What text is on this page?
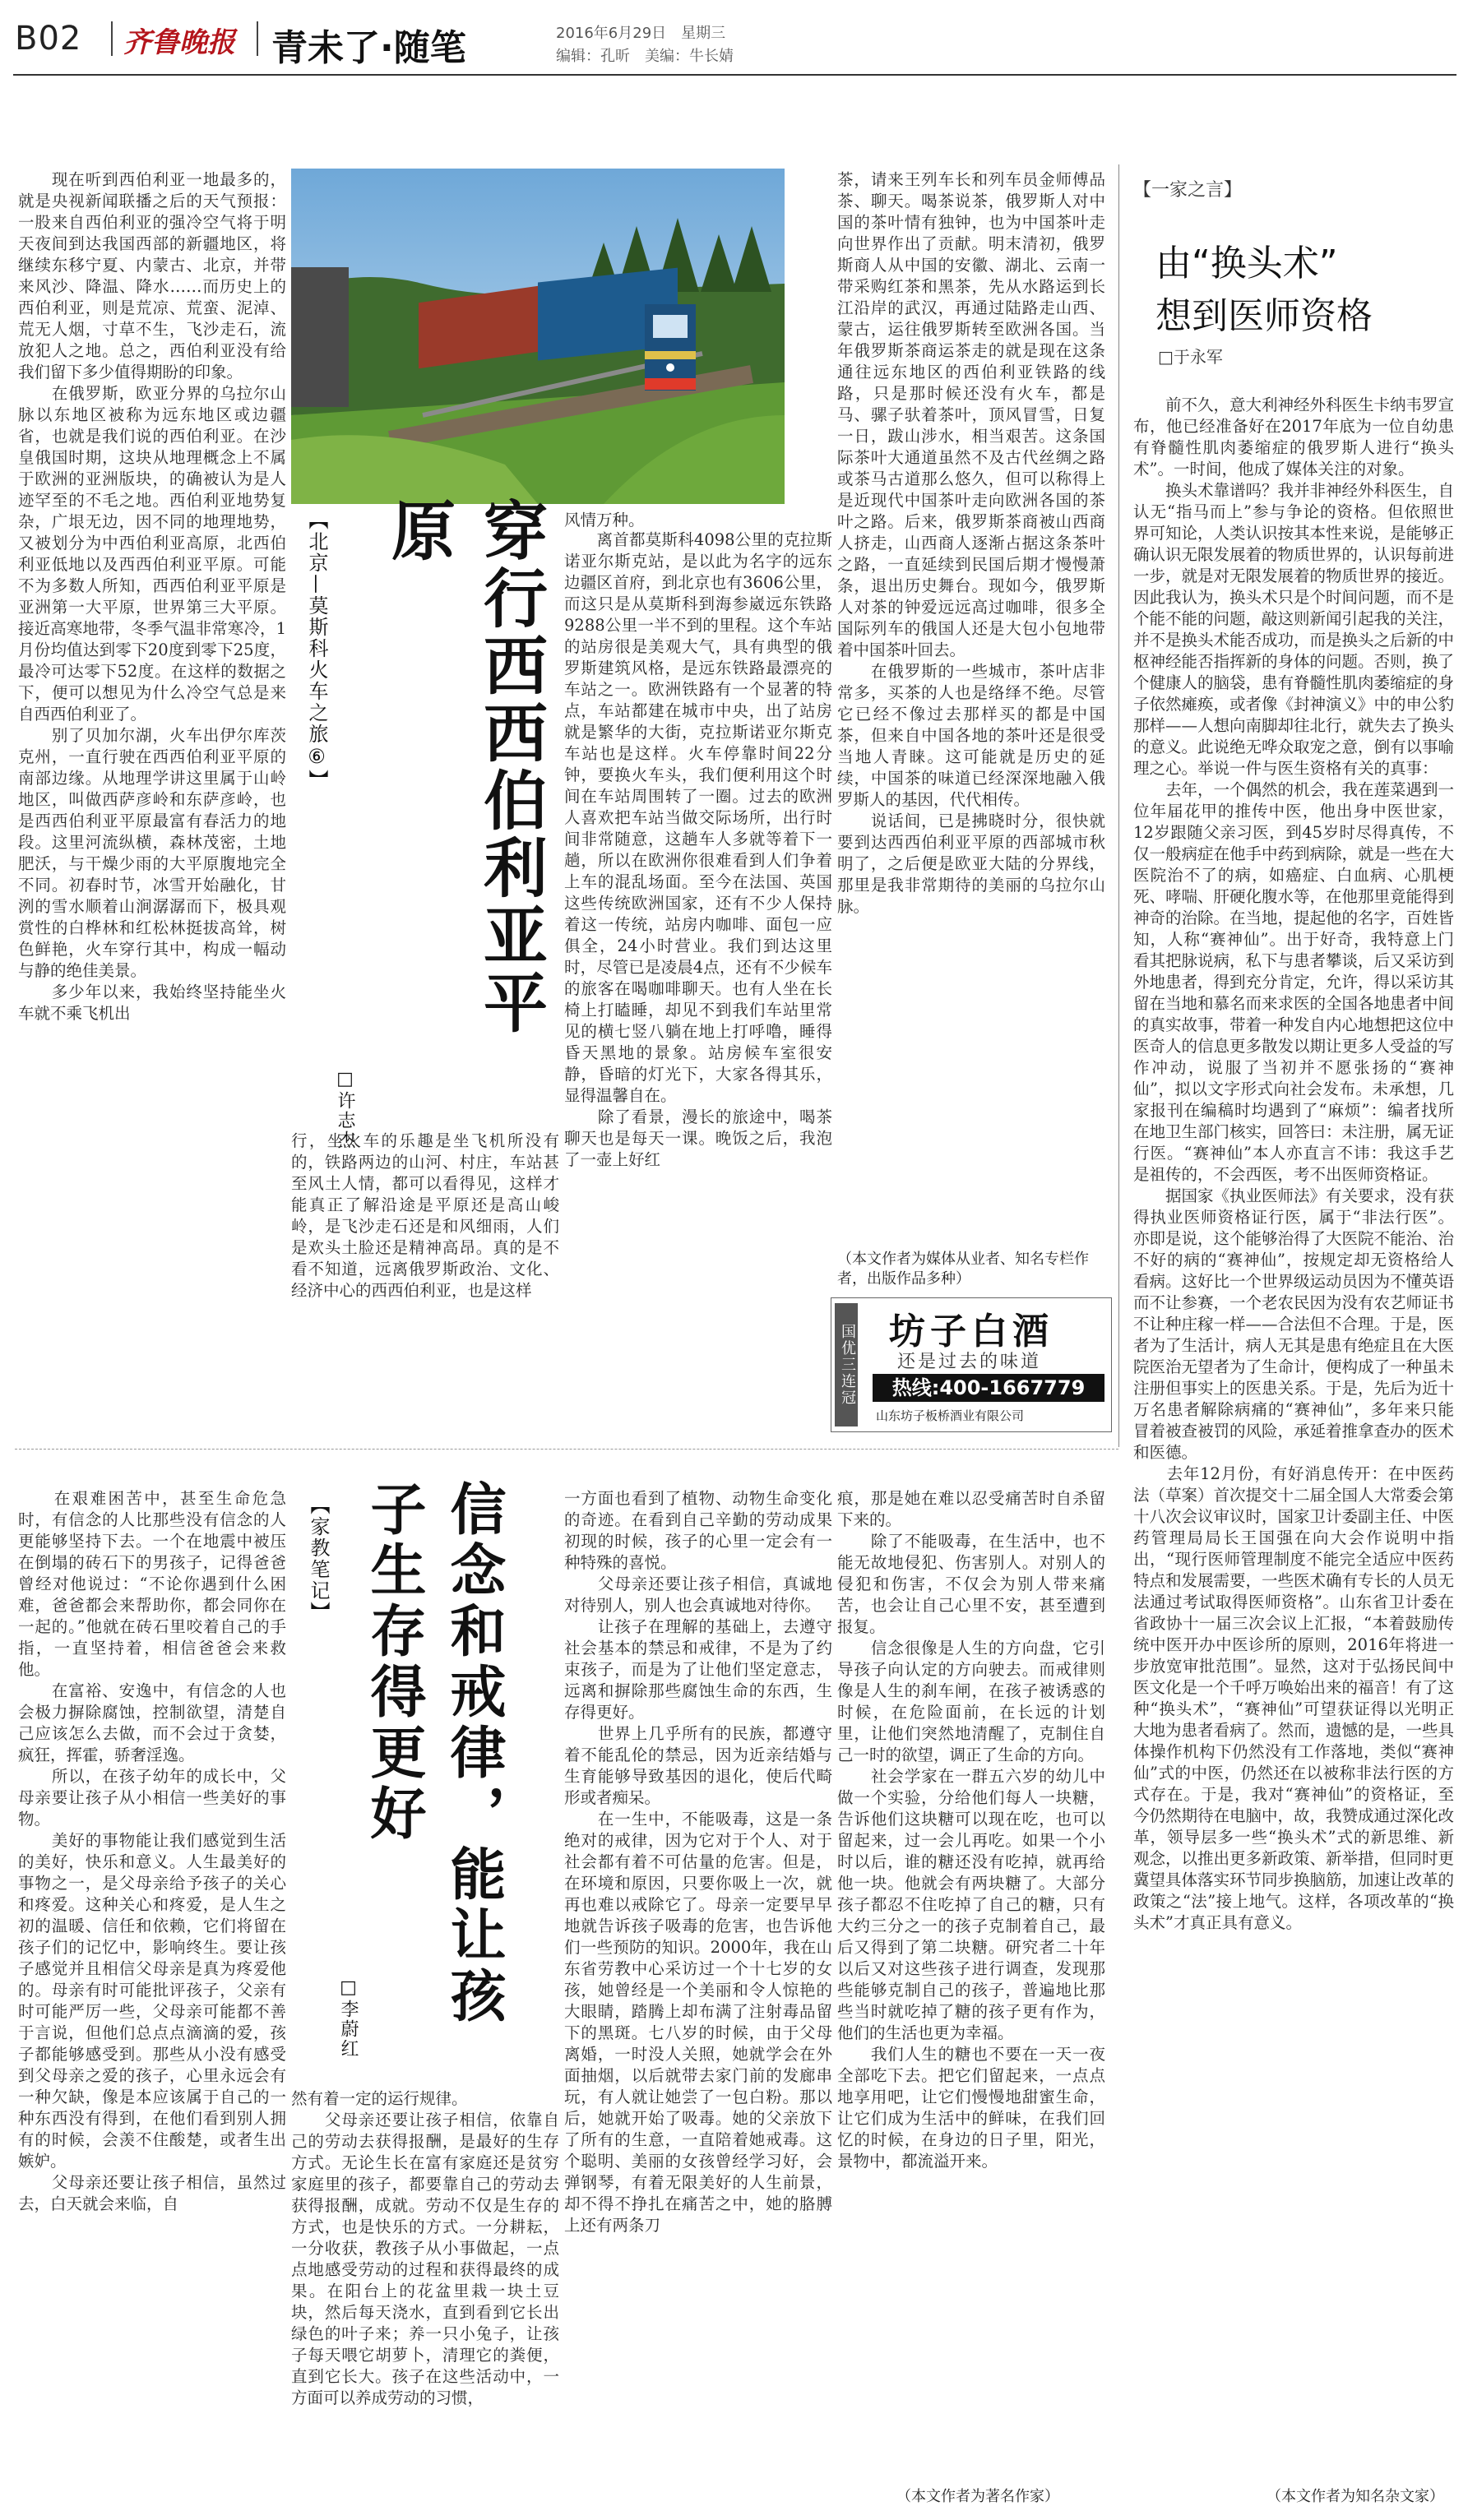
B02 齐鲁晚报 青未了·随笔	2016年6月29日　星期三
编辑：孔昕　美编：牛长婧
　　现在听到西伯利亚一地最多的，就是央视新闻联播之后的天气预报：一股来自西伯利亚的强冷空气将于明天夜间到达我国西部的新疆地区，将继续东移宁夏、内蒙古、北京，并带来风沙、降温、降水……而历史上的西伯利亚，则是荒凉、荒蛮、泥淖、荒无人烟，寸草不生，飞沙走石，流放犯人之地。总之，西伯利亚没有给我们留下多少值得期盼的印象。
　　在俄罗斯，欧亚分界的乌拉尔山脉以东地区被称为远东地区或边疆省，也就是我们说的西伯利亚。在沙皇俄国时期，这块从地理概念上不属于欧洲的亚洲版块，的确被认为是人迹罕至的不毛之地。西伯利亚地势复杂，广垠无边，因不同的地理地势，又被划分为中西伯利亚高原，北西伯利亚低地以及西西伯利亚平原。可能不为多数人所知，西西伯利亚平原是亚洲第一大平原，世界第三大平原。接近高寒地带，冬季气温非常寒冷，1月份均值达到零下20度到零下25度，最冷可达零下52度。在这样的数据之下，便可以想见为什么冷空气总是来自西西伯利亚了。
　　别了贝加尔湖，火车出伊尔库茨克州，一直行驶在西西伯利亚平原的南部边缘。从地理学讲这里属于山岭地区，叫做西萨彦岭和东萨彦岭，也是西西伯利亚平原最富有春活力的地段。这里河流纵横，森林茂密，土地肥沃，与干燥少雨的大平原腹地完全不同。初春时节，冰雪开始融化，甘洌的雪水顺着山涧潺潺而下，极具观赏性的白桦林和红松林挺拔高耸，树色鲜艳，火车穿行其中，构成一幅动与静的绝佳美景。
　　多少年以来，我始终坚持能坐火车就不乘飞机出
【北京—莫斯科火车之旅⑥】	穿行西西伯利亚平原
□许志杰
行，坐火车的乐趣是坐飞机所没有的，铁路两边的山河、村庄，车站甚至风土人情，都可以看得见，这样才能真正了解沿途是平原还是高山峻岭，是飞沙走石还是和风细雨，人们是欢头土脸还是精神高昂。真的是不看不知道，远离俄罗斯政治、文化、经济中心的西西伯利亚，也是这样
风情万种。
　　离首都莫斯科4098公里的克拉斯诺亚尔斯克站，是以此为名字的远东边疆区首府，到北京也有3606公里，而这只是从莫斯科到海参崴远东铁路9288公里一半不到的里程。这个车站的站房很是美观大气，具有典型的俄罗斯建筑风格，是远东铁路最漂亮的车站之一。欧洲铁路有一个显著的特点，车站都建在城市中央，出了站房就是繁华的大街，克拉斯诺亚尔斯克车站也是这样。火车停靠时间22分钟，要换火车头，我们便利用这个时间在车站周围转了一圈。过去的欧洲人喜欢把车站当做交际场所，出行时间非常随意，这趟车人多就等着下一趟，所以在欧洲你很难看到人们争着上车的混乱场面。至今在法国、英国这些传统欧洲国家，还有不少人保持着这一传统，站房内咖啡、面包一应俱全，24小时营业。我们到达这里时，尽管已是凌晨4点，还有不少候车的旅客在喝咖啡聊天。也有人坐在长椅上打瞌睡，却见不到我们车站里常见的横七竖八躺在地上打呼噜，睡得昏天黑地的景象。站房候车室很安静，昏暗的灯光下，大家各得其乐，显得温馨自在。
　　除了看景，漫长的旅途中，喝茶聊天也是每天一课。晚饭之后，我泡了一壶上好红
茶，请来王列车长和列车员金师傅品茶、聊天。喝茶说茶，俄罗斯人对中国的茶叶情有独钟，也为中国茶叶走向世界作出了贡献。明末清初，俄罗斯商人从中国的安徽、湖北、云南一带采购红茶和黑茶，先从水路运到长江沿岸的武汉，再通过陆路走山西、蒙古，运往俄罗斯转至欧洲各国。当年俄罗斯茶商运茶走的就是现在这条通往远东地区的西伯利亚铁路的线路，只是那时候还没有火车，都是马、骡子驮着茶叶，顶风冒雪，日复一日，跋山涉水，相当艰苦。这条国际茶叶大通道虽然不及古代丝绸之路或茶马古道那么悠久，但可以称得上是近现代中国茶叶走向欧洲各国的茶叶之路。后来，俄罗斯茶商被山西商人挤走，山西商人逐渐占据这条茶叶之路，一直延续到民国后期才慢慢萧条，退出历史舞台。现如今，俄罗斯人对茶的钟爱远远高过咖啡，很多全国际列车的俄国人还是大包小包地带着中国茶叶回去。
　　在俄罗斯的一些城市，茶叶店非常多，买茶的人也是络绎不绝。尽管它已经不像过去那样买的都是中国茶，但来自中国各地的茶叶还是很受当地人青睐。这可能就是历史的延续，中国茶的味道已经深深地融入俄罗斯人的基因，代代相传。
　　说话间，已是拂晓时分，很快就要到达西西伯利亚平原的西部城市秋明了，之后便是欧亚大陆的分界线，那里是我非常期待的美丽的乌拉尔山脉。
（本文作者为媒体从业者、知名专栏作者，出版作品多种）
国优三连冠 坊子白酒
还是过去的味道
热线:400-1667779
山东坊子板桥酒业有限公司
【一家之言】
由“换头术”
想到医师资格
□于永军
　　前不久，意大利神经外科医生卡纳韦罗宣布，他已经准备好在2017年底为一位自幼患有脊髓性肌肉萎缩症的俄罗斯人进行“换头术”。一时间，他成了媒体关注的对象。
　　换头术靠谱吗？我并非神经外科医生，自认无“指马而上”参与争论的资格。但依照世界可知论，人类认识按其本性来说，是能够正确认识无限发展着的物质世界的，认识每前进一步，就是对无限发展着的物质世界的接近。因此我认为，换头术只是个时间问题，而不是个能不能的问题，敲这则新闻引起我的关注，并不是换头术能否成功，而是换头之后新的中枢神经能否指挥新的身体的问题。否则，换了个健康人的脑袋，患有脊髓性肌肉萎缩症的身子依然瘫痪，或者像《封神演义》中的申公豹那样——人想向南脚却往北行，就失去了换头的意义。此说绝无哗众取宠之意，倒有以事喻理之心。举说一件与医生资格有关的真事：
　　去年，一个偶然的机会，我在莲菜遇到一位年届花甲的推传中医，他出身中医世家，12岁跟随父亲习医，到45岁时尽得真传，不仅一般病症在他手中药到病除，就是一些在大医院治不了的病，如癌症、白血病、心肌梗死、哮喘、肝硬化腹水等，在他那里竟能得到神奇的治除。在当地，提起他的名字，百姓皆知，人称“赛神仙”。出于好奇，我特意上门看其把脉说病，私下与患者攀谈，后又采访到外地患者，得到充分肯定，允许，得以采访其留在当地和慕名而来求医的全国各地患者中间的真实故事，带着一种发自内心地想把这位中医奇人的信息更多散发以期让更多人受益的写作冲动，说服了当初并不愿张扬的“赛神仙”，拟以文字形式向社会发布。未承想，几家报刊在编稿时均遇到了“麻烦”：编者找所在地卫生部门核实，回答曰：未注册，属无证行医。“赛神仙”本人亦直言不讳：我这手艺是祖传的，不会西医，考不出医师资格证。
　　据国家《执业医师法》有关要求，没有获得执业医师资格证行医，属于“非法行医”。亦即是说，这个能够治得了大医院不能治、治不好的病的“赛神仙”，按规定却无资格给人看病。这好比一个世界级运动员因为不懂英语而不让参赛，一个老农民因为没有农艺师证书不让种庄稼一样——合法但不合理。于是，医者为了生活计，病人无其是患有绝症且在大医院医治无望者为了生命计，便构成了一种虽未注册但事实上的医患关系。于是，先后为近十万名患者解除病痛的“赛神仙”，多年来只能冒着被查被罚的风险，承延着推拿查办的医术和医德。
　　去年12月份，有好消息传开：在中医药法（草案）首次提交十二届全国人大常委会第十八次会议审议时，国家卫计委副主任、中医药管理局局长王国强在向大会作说明中指出，“现行医师管理制度不能完全适应中医药特点和发展需要，一些医术确有专长的人员无法通过考试取得医师资格”。山东省卫计委在省政协十一届三次会议上汇报，“本着鼓励传统中医开办中医诊所的原则，2016年将进一步放宽审批范围”。显然，这对于弘扬民间中医文化是一个千呼万唤始出来的福音！有了这种“换头术”，“赛神仙”可望获证得以光明正大地为患者看病了。然而，遗憾的是，一些具体操作机构下仍然没有工作落地，类似“赛神仙”式的中医，仍然还在以被称非法行医的方式存在。于是，我对“赛神仙”的资格证，至今仍然期待在电脑中，故，我赞成通过深化改革，领导层多一些“换头术”式的新思维、新观念，以推出更多新政策、新举措，但同时更冀望具体落实环节同步换脑筋，加速让改革的政策之“法”接上地气。这样，各项改革的“换头术”才真正具有意义。
（本文作者为知名杂文家）
　　在艰难困苦中，甚至生命危急时，有信念的人比那些没有信念的人更能够坚持下去。一个在地震中被压在倒塌的砖石下的男孩子，记得爸爸曾经对他说过：“不论你遇到什么困难，爸爸都会来帮助你，都会同你在一起的。”他就在砖石里咬着自己的手指，一直坚持着，相信爸爸会来救他。
　　在富裕、安逸中，有信念的人也会极力摒除腐蚀，控制欲望，清楚自己应该怎么去做，而不会过于贪婪，疯狂，挥霍，骄奢淫逸。
　　所以，在孩子幼年的成长中，父母亲要让孩子从小相信一些美好的事物。
　　美好的事物能让我们感觉到生活的美好，快乐和意义。人生最美好的事物之一，是父母亲给予孩子的关心和疼爱。这种关心和疼爱，是人生之初的温暖、信任和依赖，它们将留在孩子们的记忆中，影响终生。要让孩子感觉并且相信父母亲是真为疼爱他的。母亲有时可能批评孩子，父亲有时可能严厉一些，父母亲可能都不善于言说，但他们总点点滴滴的爱，孩子都能够感受到。那些从小没有感受到父母亲之爱的孩子，心里永远会有一种欠缺，像是本应该属于自己的一种东西没有得到，在他们看到别人拥有的时候，会羡不住酸楚，或者生出嫉妒。
　　父母亲还要让孩子相信，虽然过去，白天就会来临，自
【家教笔记】	信念和戒律，能让孩子生存得更好
□李蔚红
然有着一定的运行规律。
　　父母亲还要让孩子相信，依靠自己的劳动去获得报酬，是最好的生存方式。无论生长在富有家庭还是贫穷家庭里的孩子，都要靠自己的劳动去获得报酬，成就。劳动不仅是生存的方式，也是快乐的方式。一分耕耘，一分收获，教孩子从小事做起，一点点地感受劳动的过程和获得最终的成果。在阳台上的花盆里栽一块土豆块，然后每天浇水，直到看到它长出绿色的叶子来；养一只小兔子，让孩子每天喂它胡萝卜，清理它的粪便，直到它长大。孩子在这些活动中，一方面可以养成劳动的习惯，
一方面也看到了植物、动物生命变化的奇迹。在看到自己辛勤的劳动成果初现的时候，孩子的心里一定会有一种特殊的喜悦。
　　父母亲还要让孩子相信，真诚地对待别人，别人也会真诚地对待你。
　　让孩子在理解的基础上，去遵守社会基本的禁忌和戒律，不是为了约束孩子，而是为了让他们坚定意志，远离和摒除那些腐蚀生命的东西，生存得更好。
　　世界上几乎所有的民族，都遵守着不能乱伦的禁忌，因为近亲结婚与生育能够导致基因的退化，使后代畸形或者痴呆。
　　在一生中，不能吸毒，这是一条绝对的戒律，因为它对于个人、对于社会都有着不可估量的危害。但是，在环境和原因，只要你吸上一次，就再也难以戒除它了。母亲一定要早早地就告诉孩子吸毒的危害，也告诉他们一些预防的知识。2000年，我在山东省劳教中心采访过一个十七岁的女孩，她曾经是一个美丽和令人惊艳的大眼睛，踏腾上却布满了注射毒品留下的黑斑。七八岁的时候，由于父母离婚，一时没人关照，她就学会在外面抽烟，以后就带去家门前的发廊串玩，有人就让她尝了一包白粉。那以后，她就开始了吸毒。她的父亲放下了所有的生意，一直陪着她戒毒。这个聪明、美丽的女孩曾经学习好，会弹钢琴，有着无限美好的人生前景，却不得不挣扎在痛苦之中，她的胳膊上还有两条刀
痕，那是她在难以忍受痛苦时自杀留下来的。
　　除了不能吸毒，在生活中，也不能无故地侵犯、伤害别人。对别人的侵犯和伤害，不仅会为别人带来痛苦，也会让自己心里不安，甚至遭到报复。
　　信念很像是人生的方向盘，它引导孩子向认定的方向驶去。而戒律则像是人生的刹车闸，在孩子被诱惑的时候，在危险面前，在长远的计划里，让他们突然地清醒了，克制住自己一时的欲望，调正了生命的方向。
　　社会学家在一群五六岁的幼儿中做一个实验，分给他们每人一块糖，告诉他们这块糖可以现在吃，也可以留起来，过一会儿再吃。如果一个小时以后，谁的糖还没有吃掉，就再给他一块。他就会有两块糖了。大部分孩子都忍不住吃掉了自己的糖，只有大约三分之一的孩子克制着自己，最后又得到了第二块糖。研究者二十年以后又对这些孩子进行调查，发现那些能够克制自己的孩子，普遍地比那些当时就吃掉了糖的孩子更有作为，他们的生活也更为幸福。
　　我们人生的糖也不要在一天一夜全部吃下去。把它们留起来，一点点地享用吧，让它们慢慢地甜蜜生命，让它们成为生活中的鲜味，在我们回忆的时候，在身边的日子里，阳光，景物中，都流溢开来。
（本文作者为著名作家）
